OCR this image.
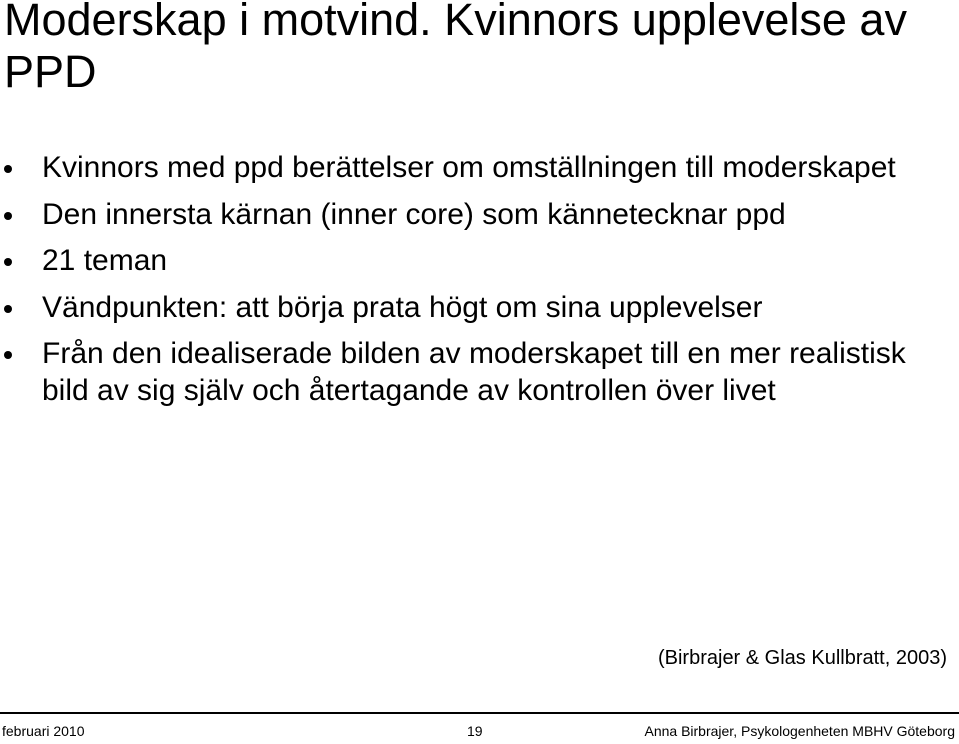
Moderskap i motvind. Kvinnors upplevelse av PPD
Kvinnors med ppd berättelser om omställningen till moderskapet
Den innersta kärnan (inner core) som kännetecknar ppd
21 teman
Vändpunkten: att börja prata högt om sina upplevelser
Från den idealiserade bilden av moderskapet till en mer realistisk bild av sig själv och återtagande av kontrollen över livet
(Birbrajer & Glas Kullbratt, 2003)
februari 2010	19	Anna Birbrajer, Psykologenheten MBHV Göteborg
